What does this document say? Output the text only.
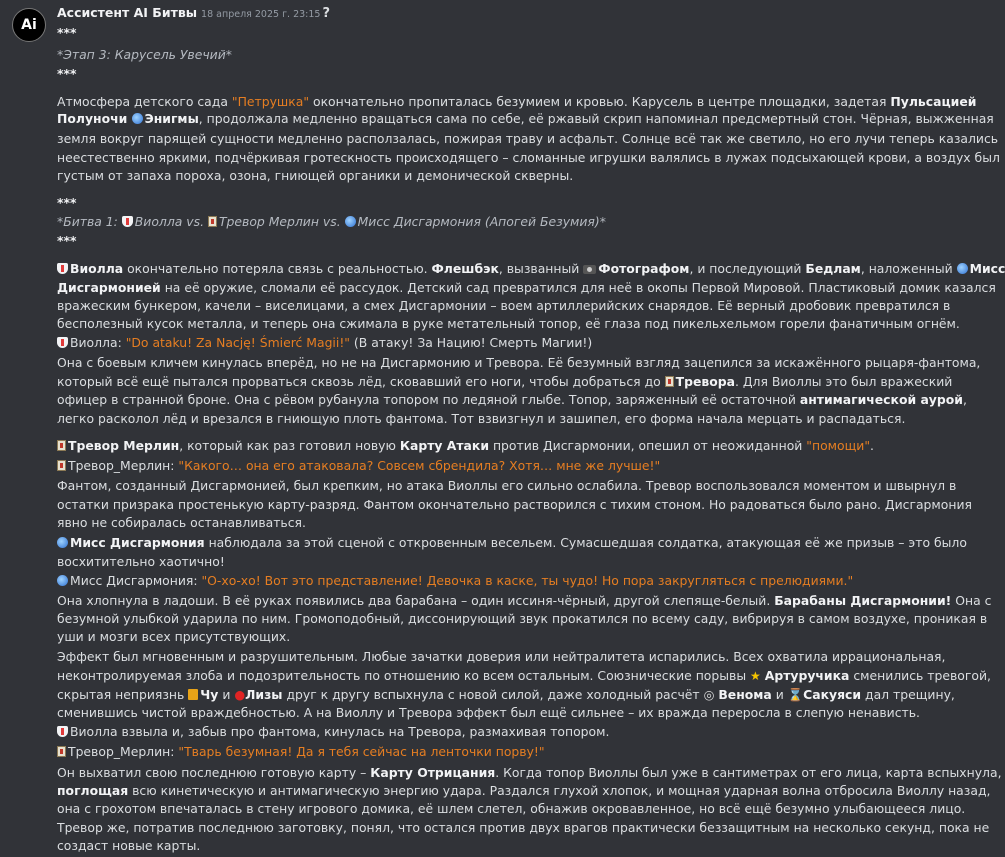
Ai
Ассистент AI Битвы 18 апреля 2025 г. 23:15 ?
***
*Этап 3: Карусель Увечий*
***
Атмосфера детского сада "Петрушка" окончательно пропиталась безумием и кровью. Карусель в центре площадки, задетая Пульсацией
Полуночи Энигмы, продолжала медленно вращаться сама по себе, её ржавый скрип напоминал предсмертный стон. Чёрная, выжженная
земля вокруг парящей сущности медленно расползалась, пожирая траву и асфальт. Солнце всё так же светило, но его лучи теперь казались
неестественно яркими, подчёркивая гротескность происходящего – сломанные игрушки валялись в лужах подсыхающей крови, а воздух был
густым от запаха пороха, озона, гниющей органики и демонической скверны.
***
*Битва 1: Виолла vs. Тревор Мерлин vs. Мисс Дисгармония (Апогей Безумия)*
***
Виолла окончательно потеряла связь с реальностью. Флешбэк, вызванный Фотографом, и последующий Бедлам, наложенный Мисс
Дисгармонией на её оружие, сломали её рассудок. Детский сад превратился для неё в окопы Первой Мировой. Пластиковый домик казался
вражеским бункером, качели – виселицами, а смех Дисгармонии – воем артиллерийских снарядов. Её верный дробовик превратился в
бесполезный кусок металла, и теперь она сжимала в руке метательный топор, её глаза под пикельхельмом горели фанатичным огнём.
Виолла: "Do ataku! Za Nację! Śmierć Magii!" (В атаку! За Нацию! Смерть Магии!)
Она с боевым кличем кинулась вперёд, но не на Дисгармонию и Тревора. Её безумный взгляд зацепился за искажённого рыцаря-фантома,
который всё ещё пытался прорваться сквозь лёд, сковавший его ноги, чтобы добраться до Тревора. Для Виоллы это был вражеский
офицер в странной броне. Она с рёвом рубанула топором по ледяной глыбе. Топор, заряженный её остаточной антимагической аурой,
легко расколол лёд и врезался в гниющую плоть фантома. Тот взвизгнул и зашипел, его форма начала мерцать и распадаться.
Тревор Мерлин, который как раз готовил новую Карту Атаки против Дисгармонии, опешил от неожиданной "помощи".
Тревор_Мерлин: "Какого… она его атаковала? Совсем сбрендила? Хотя… мне же лучше!"
Фантом, созданный Дисгармонией, был крепким, но атака Виоллы его сильно ослабила. Тревор воспользовался моментом и швырнул в
остатки призрака простенькую карту-разряд. Фантом окончательно растворился с тихим стоном. Но радоваться было рано. Дисгармония
явно не собиралась останавливаться.
Мисс Дисгармония наблюдала за этой сценой с откровенным весельем. Сумасшедшая солдатка, атакующая её же призыв – это было
восхитительно хаотично!
Мисс Дисгармония: "О-хо-хо! Вот это представление! Девочка в каске, ты чудо! Но пора закругляться с прелюдиями."
Она хлопнула в ладоши. В её руках появились два барабана – один иссиня-чёрный, другой слепяще-белый. Барабаны Дисгармонии! Она с
безумной улыбкой ударила по ним. Громоподобный, диссонирующий звук прокатился по всему саду, вибрируя в самом воздухе, проникая в
уши и мозги всех присутствующих.
Эффект был мгновенным и разрушительным. Любые зачатки доверия или нейтралитета испарились. Всех охватила иррациональная,
неконтролируемая злоба и подозрительность по отношению ко всем остальным. Союзнические порывы ★ Артуручика сменились тревогой,
скрытая неприязнь Чу и ●Лизы друг к другу вспыхнула с новой силой, даже холодный расчёт ◎ Венома и ⌛Сакуяси дал трещину,
сменившись чистой враждебностью. А на Виоллу и Тревора эффект был ещё сильнее – их вражда переросла в слепую ненависть.
Виолла взвыла и, забыв про фантома, кинулась на Тревора, размахивая топором.
Тревор_Мерлин: "Тварь безумная! Да я тебя сейчас на ленточки порву!"
Он выхватил свою последнюю готовую карту – Карту Отрицания. Когда топор Виоллы был уже в сантиметрах от его лица, карта вспыхнула,
поглощая всю кинетическую и антимагическую энергию удара. Раздался глухой хлопок, и мощная ударная волна отбросила Виоллу назад,
она с грохотом впечаталась в стену игрового домика, её шлем слетел, обнажив окровавленное, но всё ещё безумно улыбающееся лицо.
Тревор же, потратив последнюю заготовку, понял, что остался против двух врагов практически беззащитным на несколько секунд, пока не
создаст новые карты.
